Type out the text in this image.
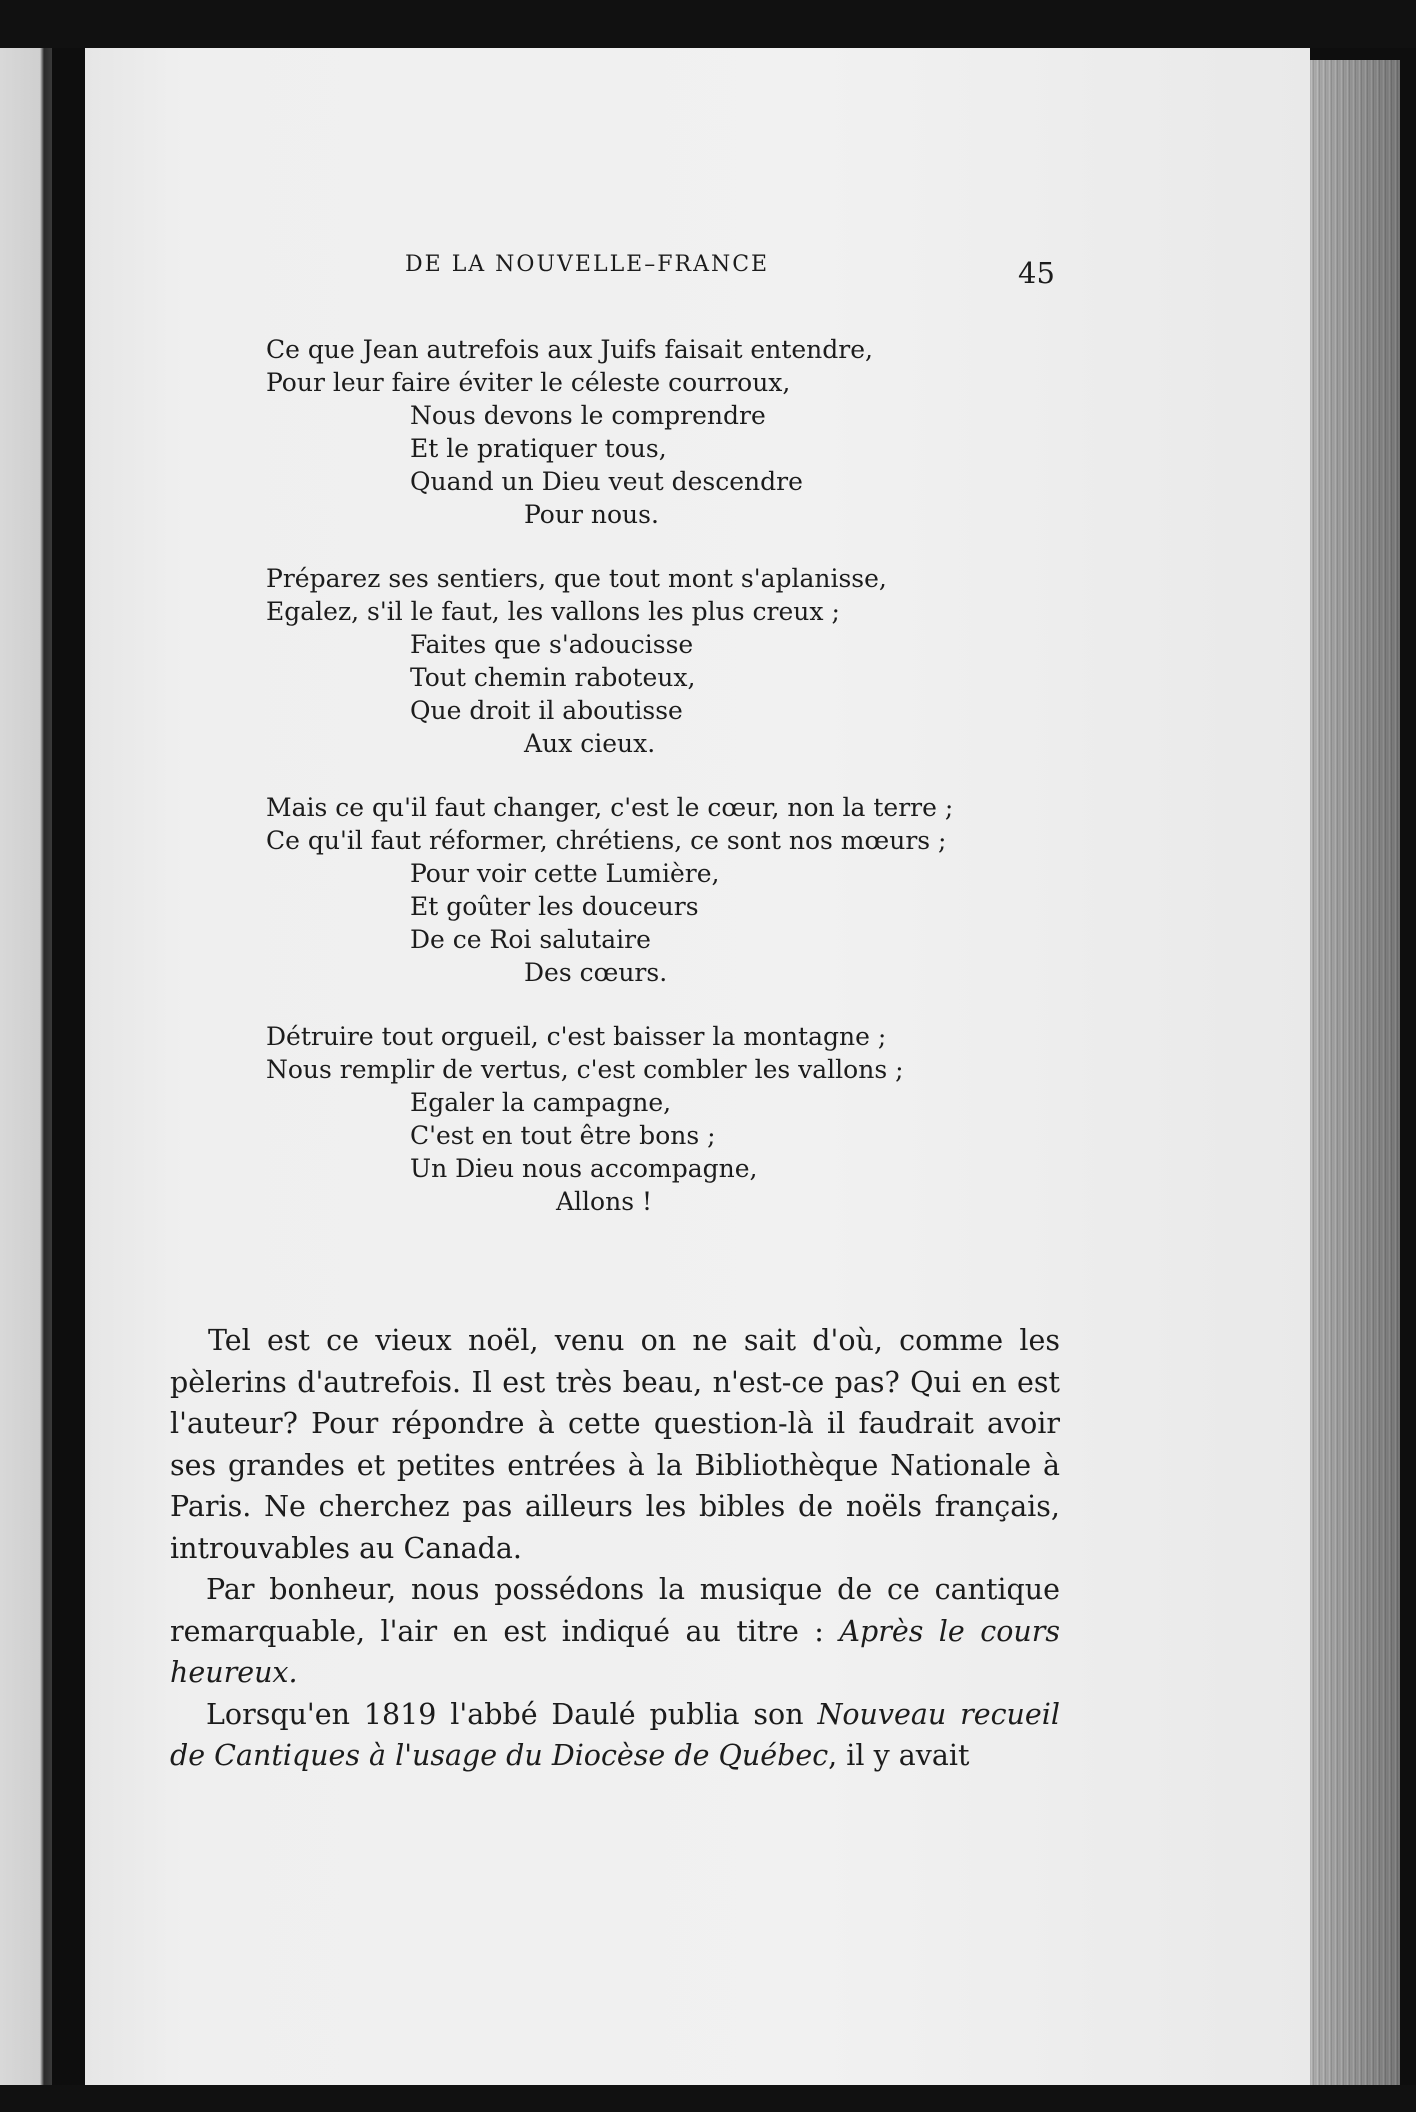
DE LA NOUVELLE–FRANCE	45
Ce que Jean autrefois aux Juifs faisait entendre,
Pour leur faire éviter le céleste courroux,
Nous devons le comprendre
Et le pratiquer tous,
Quand un Dieu veut descendre
Pour nous.
Préparez ses sentiers, que tout mont s'aplanisse,
Egalez, s'il le faut, les vallons les plus creux ;
Faites que s'adoucisse
Tout chemin raboteux,
Que droit il aboutisse
Aux cieux.
Mais ce qu'il faut changer, c'est le cœur, non la terre ;
Ce qu'il faut réformer, chrétiens, ce sont nos mœurs ;
Pour voir cette Lumière,
Et goûter les douceurs
De ce Roi salutaire
Des cœurs.
Détruire tout orgueil, c'est baisser la montagne ;
Nous remplir de vertus, c'est combler les vallons ;
Egaler la campagne,
C'est en tout être bons ;
Un Dieu nous accompagne,
Allons !

Tel est ce vieux noël, venu on ne sait d'où, comme les pèlerins d'autrefois. Il est très beau, n'est-ce pas? Qui en est l'auteur? Pour répondre à cette question-là il faudrait avoir ses grandes et petites entrées à la Bibliothèque Nationale à Paris. Ne cherchez pas ailleurs les bibles de noëls français, introuvables au Canada.

Par bonheur, nous possédons la musique de ce cantique remarquable, l'air en est indiqué au titre : Après le cours heureux.

Lorsqu'en 1819 l'abbé Daulé publia son Nouveau recueil de Cantiques à l'usage du Diocèse de Québec, il y avait
